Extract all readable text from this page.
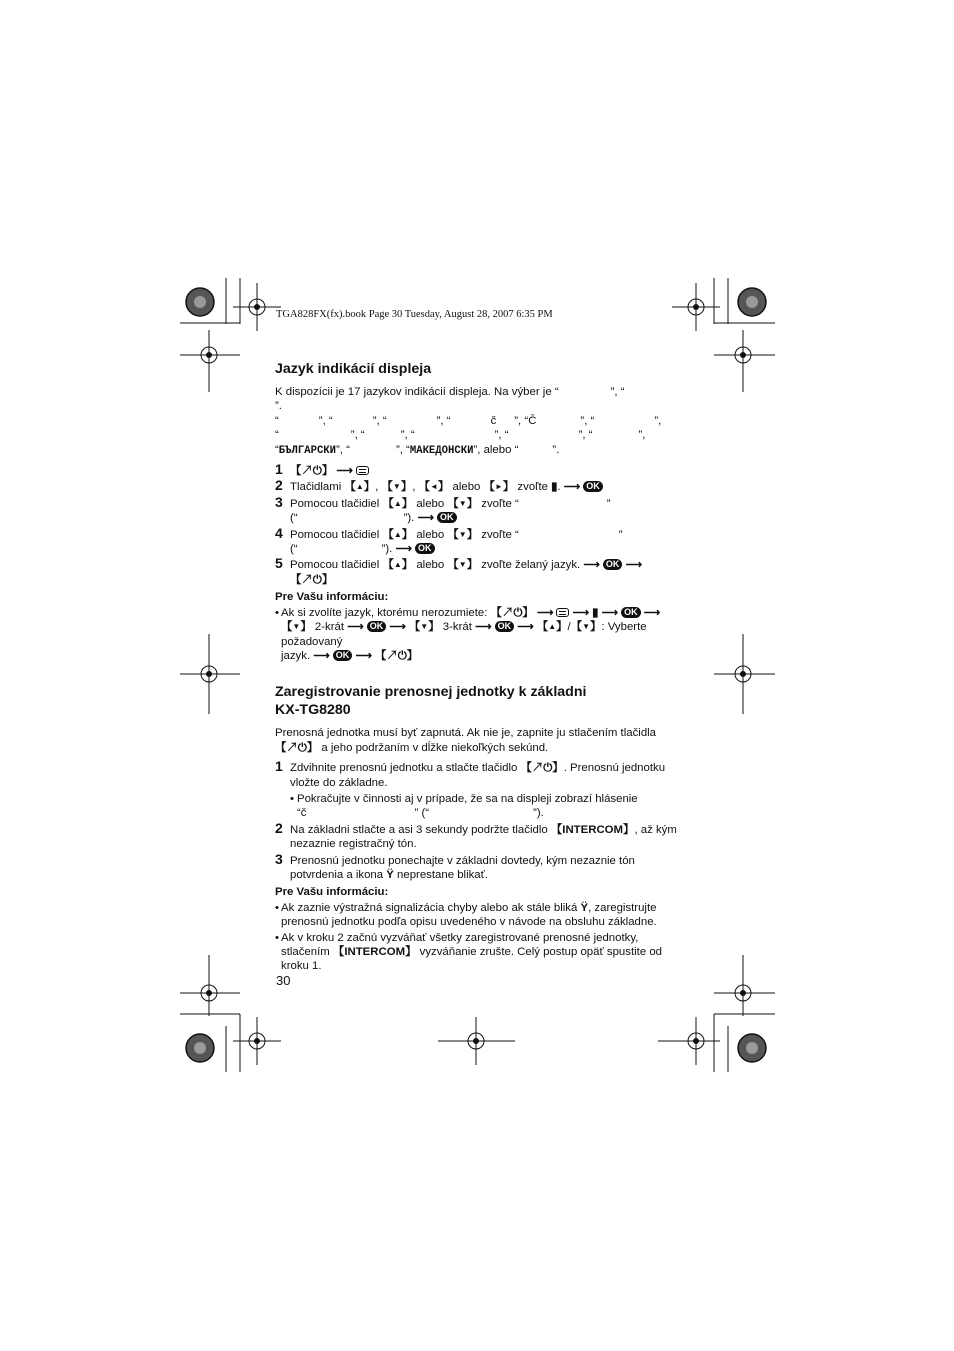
TGA828FX(fx).book Page 30 Tuesday, August 28, 2007 6:35 PM
Jazyk indikácií displeja
K dispozícii je 17 jazykov indikácií displeja. Na výber je “	”, “”.
“	”, “	”, “	”, “	č ”, “Č	”, “	”,
“	”, “	”, “	”, “	”, “	”,
“БЪЛГАРСКИ”, “	”, “МАКЕДОНСКИ”, alebo “	”.
1 【↗⏻】 ⟶
2 Tlačidlami 【▲】, 【▼】, 【◄】 alebo 【►】 zvoľte ▮. ⟶ OK
3 Pomocou tlačidiel 【▲】 alebo 【▼】 zvoľte “	”
(“	”). ⟶ OK
4 Pomocou tlačidiel 【▲】 alebo 【▼】 zvoľte “	”
(“	”). ⟶ OK
5 Pomocou tlačidiel 【▲】 alebo 【▼】 zvoľte želaný jazyk. ⟶ OK ⟶ 【↗⏻】
Pre Vašu informáciu:
• Ak si zvolíte jazyk, ktorému nerozumiete: 【↗⏻】 ⟶ ⟶ ▮ ⟶ OK ⟶
【▼】 2-krát ⟶ OK ⟶ 【▼】 3-krát ⟶ OK ⟶ 【▲】/【▼】: Vyberte požadovaný
jazyk. ⟶ OK ⟶ 【↗⏻】
Zaregistrovanie prenosnej jednotky k základni
KX-TG8280
Prenosná jednotka musí byť zapnutá. Ak nie je, zapnite ju stlačením tlačidla
【↗⏻】 a jeho podržaním v dĺžke niekoľkých sekúnd.
1 Zdvihnite prenosnú jednotku a stlačte tlačidlo 【↗⏻】. Prenosnú jednotku
vložte do základne.
• Pokračujte v činnosti aj v prípade, že sa na displeji zobrazí hlásenie
“č	” (“	”).
2 Na základni stlačte a asi 3 sekundy podržte tlačidlo 【INTERCOM】, až kým
nezaznie registračný tón.
3 Prenosnú jednotku ponechajte v základni dovtedy, kým nezaznie tón
potvrdenia a ikona Ÿ neprestane blikať.
Pre Vašu informáciu:
• Ak zaznie výstražná signalizácia chyby alebo ak stále bliká Ÿ, zaregistrujte
prenosnú jednotku podľa opisu uvedeného v návode na obsluhu základne.
• Ak v kroku 2 začnú vyzváňať všetky zaregistrované prenosné jednotky,
stlačením 【INTERCOM】 vyzváňanie zrušte. Celý postup opäť spustite od
kroku 1.
30
